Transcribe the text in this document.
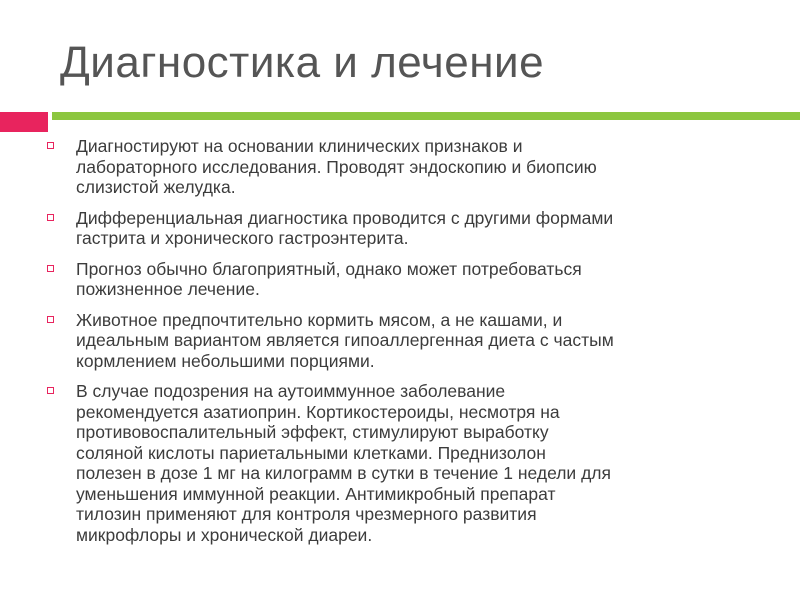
Диагностика и лечение
Диагностируют на основании клинических признаков и
лабораторного исследования. Проводят эндоскопию и биопсию
слизистой желудка.
Дифференциальная диагностика проводится с другими формами
гастрита и хронического гастроэнтерита.
Прогноз обычно благоприятный, однако может потребоваться
пожизненное лечение.
Животное предпочтительно кормить мясом, а не кашами, и
идеальным вариантом является гипоаллергенная диета с частым
кормлением небольшими порциями.
В случае подозрения на аутоиммунное заболевание
рекомендуется азатиоприн. Кортикостероиды, несмотря на
противовоспалительный эффект, стимулируют выработку
соляной кислоты париетальными клетками. Преднизолон
полезен в дозе 1 мг на килограмм в сутки в течение 1 недели для
уменьшения иммунной реакции. Антимикробный препарат
тилозин применяют для контроля чрезмерного развития
микрофлоры и хронической диареи.
